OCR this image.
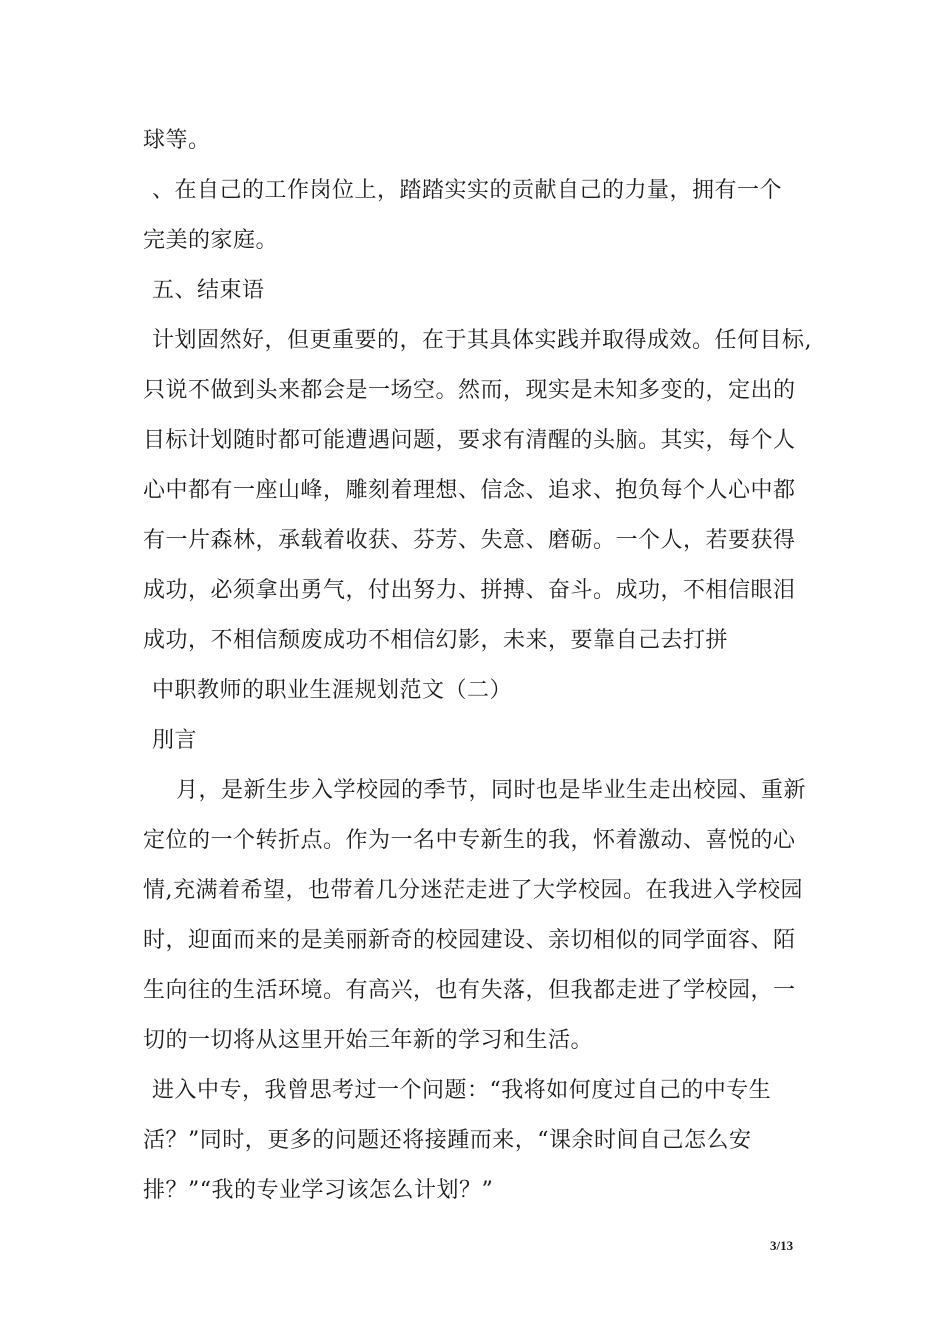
球等。
、在自己的工作岗位上，踏踏实实的贡献自己的力量，拥有一个
完美的家庭。
五、结束语
计划固然好，但更重要的，在于其具体实践并取得成效。任何目标,
只说不做到头来都会是一场空。然而，现实是未知多变的，定出的
目标计划随时都可能遭遇问题，要求有清醒的头脑。其实，每个人
心中都有一座山峰，雕刻着理想、信念、追求、抱负每个人心中都
有一片森林，承载着收获、芬芳、失意、磨砺。一个人，若要获得
成功，必须拿出勇气，付出努力、拼搏、奋斗。成功，不相信眼泪
成功，不相信颓废成功不相信幻影，未来，要靠自己去打拼
中职教师的职业生涯规划范文（二）
刖言
月，是新生步入学校园的季节，同时也是毕业生走出校园、重新
定位的一个转折点。作为一名中专新生的我，怀着激动、喜悦的心
情,充满着希望，也带着几分迷茫走进了大学校园。在我进入学校园
时，迎面而来的是美丽新奇的校园建设、亲切相似的同学面容、陌
生向往的生活环境。有高兴，也有失落，但我都走进了学校园，一
切的一切将从这里开始三年新的学习和生活。
进入中专，我曾思考过一个问题：“我将如何度过自己的中专生
活？”同时，更多的问题还将接踵而来，“课余时间自己怎么安
排？”“我的专业学习该怎么计划？”
3/13
